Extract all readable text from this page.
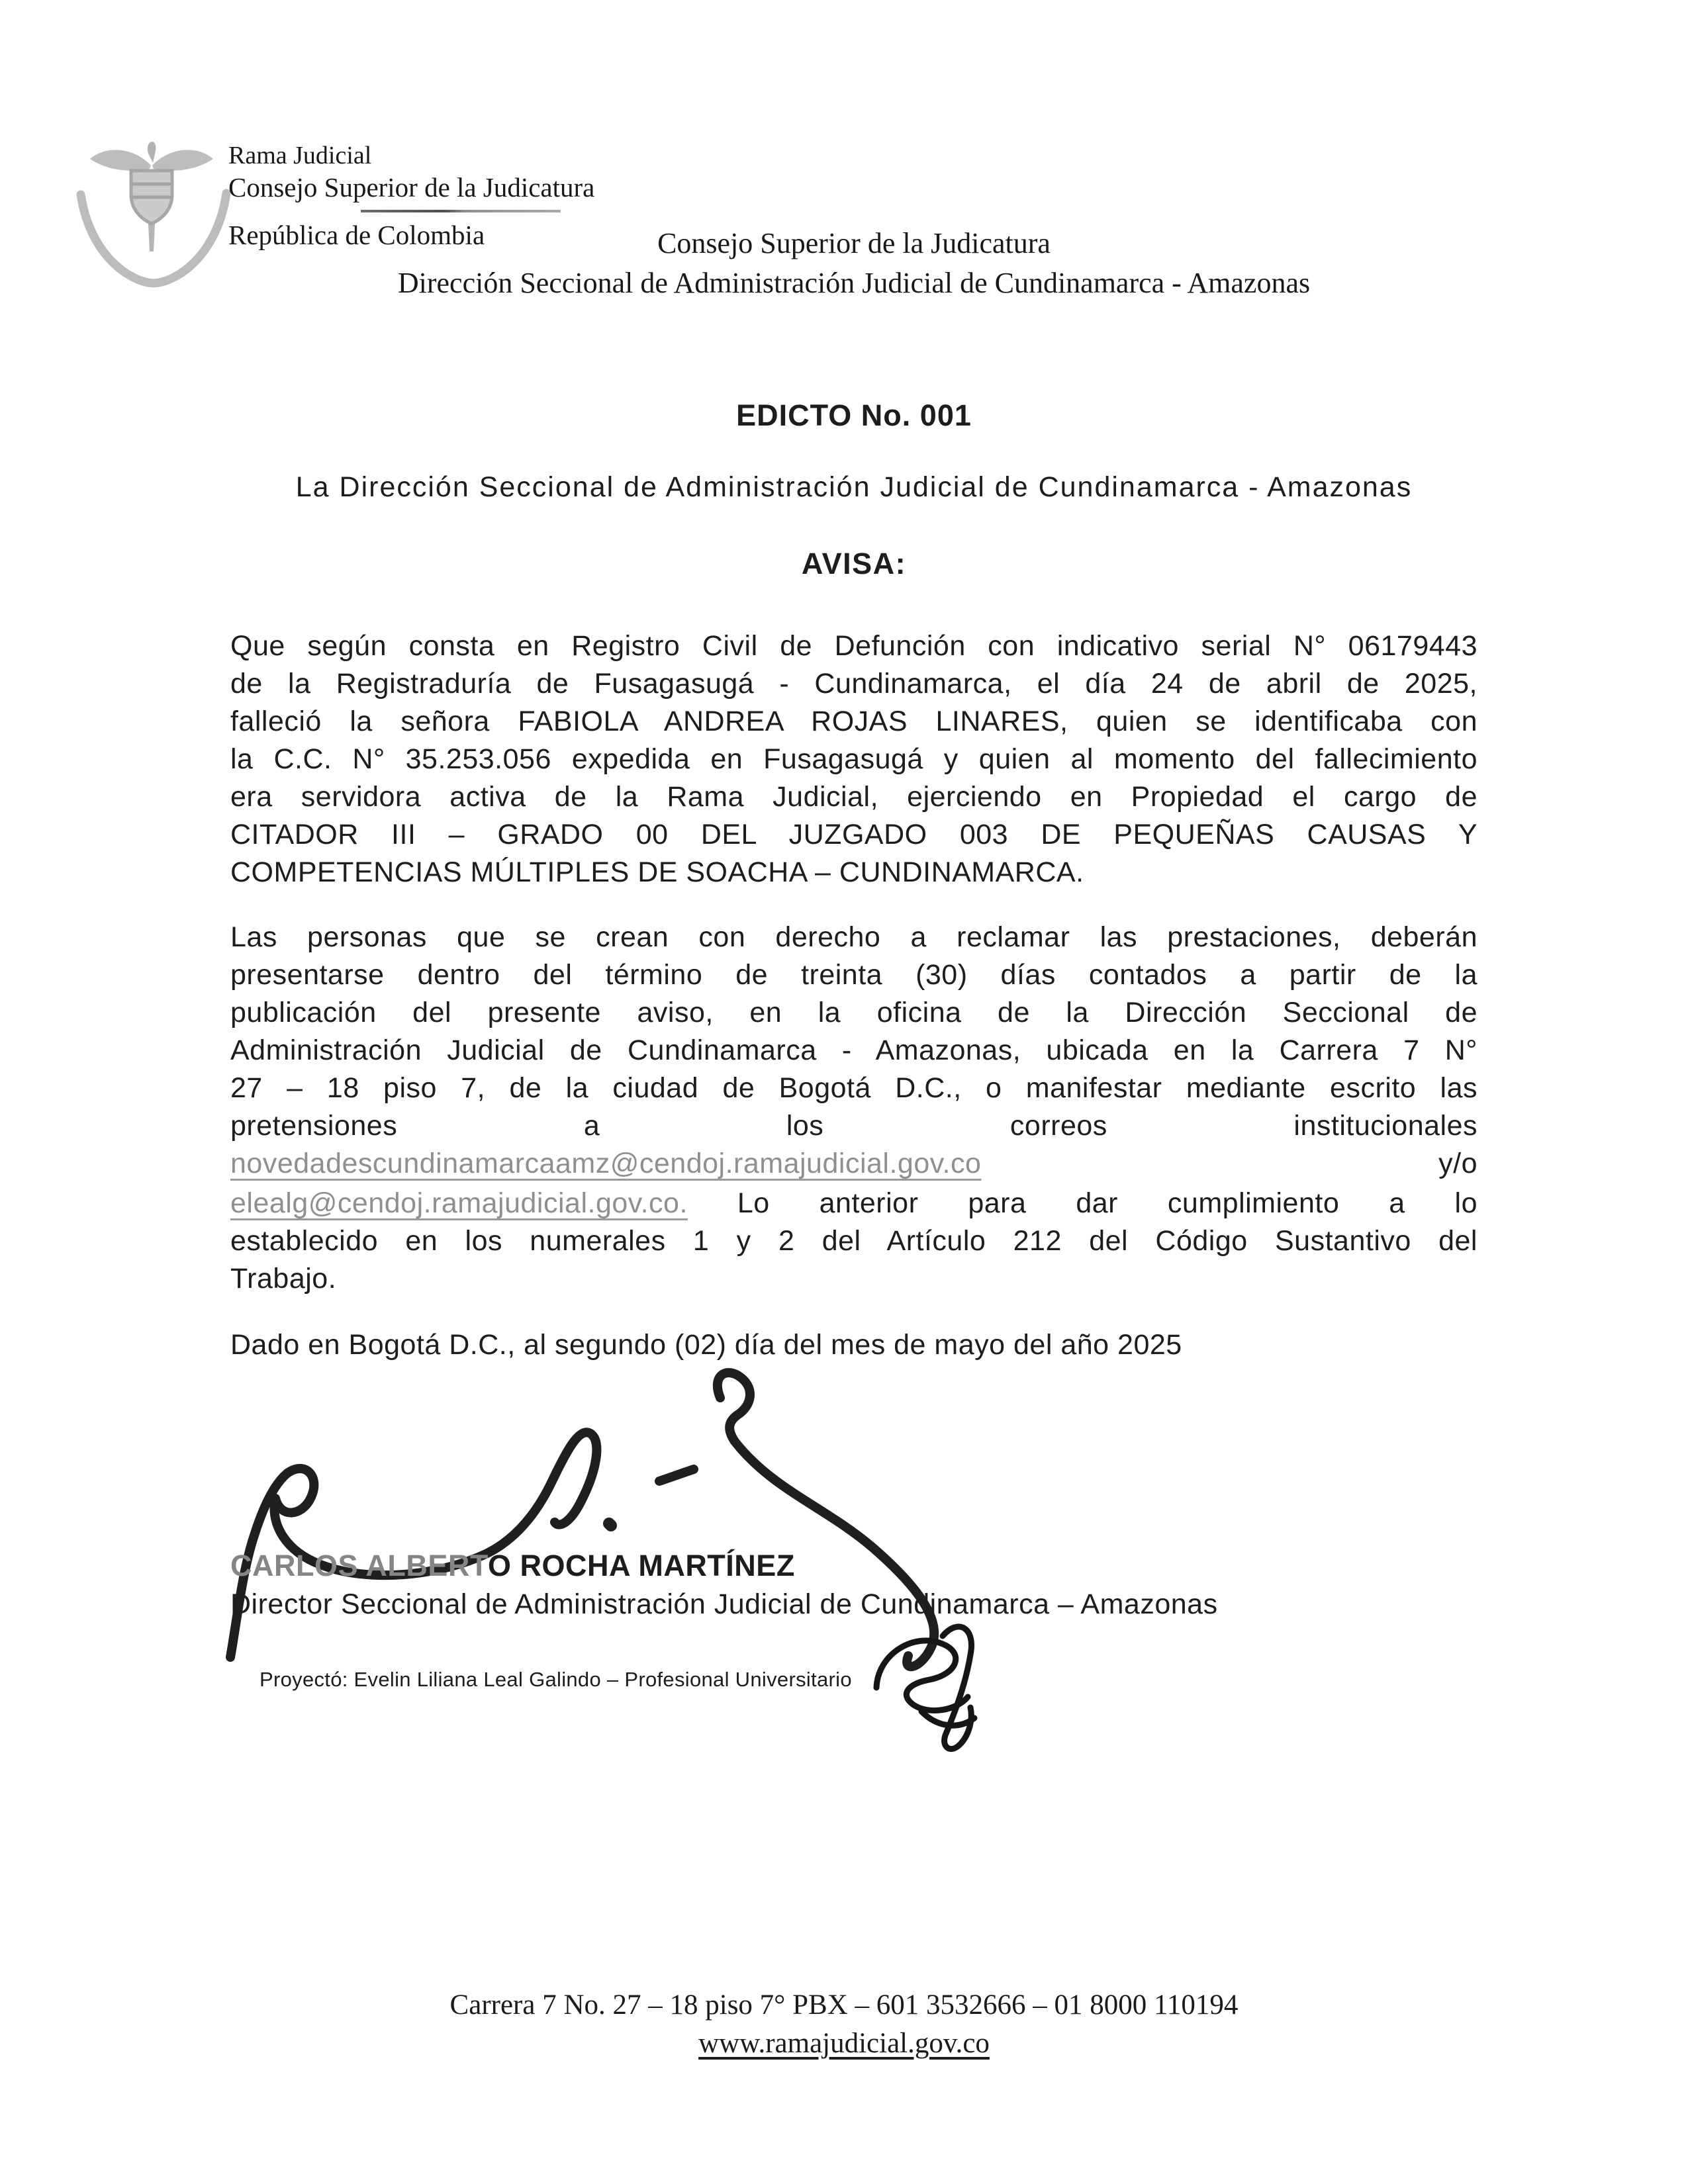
Rama Judicial
Consejo Superior de la Judicatura
República de Colombia	Consejo Superior de la Judicatura
Dirección Seccional de Administración Judicial de Cundinamarca - Amazonas
EDICTO No. 001
La Dirección Seccional de Administración Judicial de Cundinamarca - Amazonas
AVISA:
Que según consta en Registro Civil de Defunción con indicativo serial N° 06179443
de la Registraduría de Fusagasugá - Cundinamarca, el día 24 de abril de 2025,
falleció la señora FABIOLA ANDREA ROJAS LINARES, quien se identificaba con
la C.C. N° 35.253.056 expedida en Fusagasugá y quien al momento del fallecimiento
era servidora activa de la Rama Judicial, ejerciendo en Propiedad el cargo de
CITADOR III – GRADO 00 DEL JUZGADO 003 DE PEQUEÑAS CAUSAS Y
COMPETENCIAS MÚLTIPLES DE SOACHA – CUNDINAMARCA.
Las personas que se crean con derecho a reclamar las prestaciones, deberán
presentarse dentro del término de treinta (30) días contados a partir de la
publicación del presente aviso, en la oficina de la Dirección Seccional de
Administración Judicial de Cundinamarca - Amazonas, ubicada en la Carrera 7 N°
27 – 18 piso 7, de la ciudad de Bogotá D.C., o manifestar mediante escrito las
pretensiones a los correos institucionales
novedadescundinamarcaamz@cendoj.ramajudicial.gov.co	y/o
elealg@cendoj.ramajudicial.gov.co. Lo anterior para dar cumplimiento a lo
establecido en los numerales 1 y 2 del Artículo 212 del Código Sustantivo del
Trabajo.
Dado en Bogotá D.C., al segundo (02) día del mes de mayo del año 2025
CARLOS ALBERTO ROCHA MARTÍNEZ
Director Seccional de Administración Judicial de Cundinamarca – Amazonas
Proyectó: Evelin Liliana Leal Galindo – Profesional Universitario
Carrera 7 No. 27 – 18 piso 7° PBX – 601 3532666 – 01 8000 110194
www.ramajudicial.gov.co
